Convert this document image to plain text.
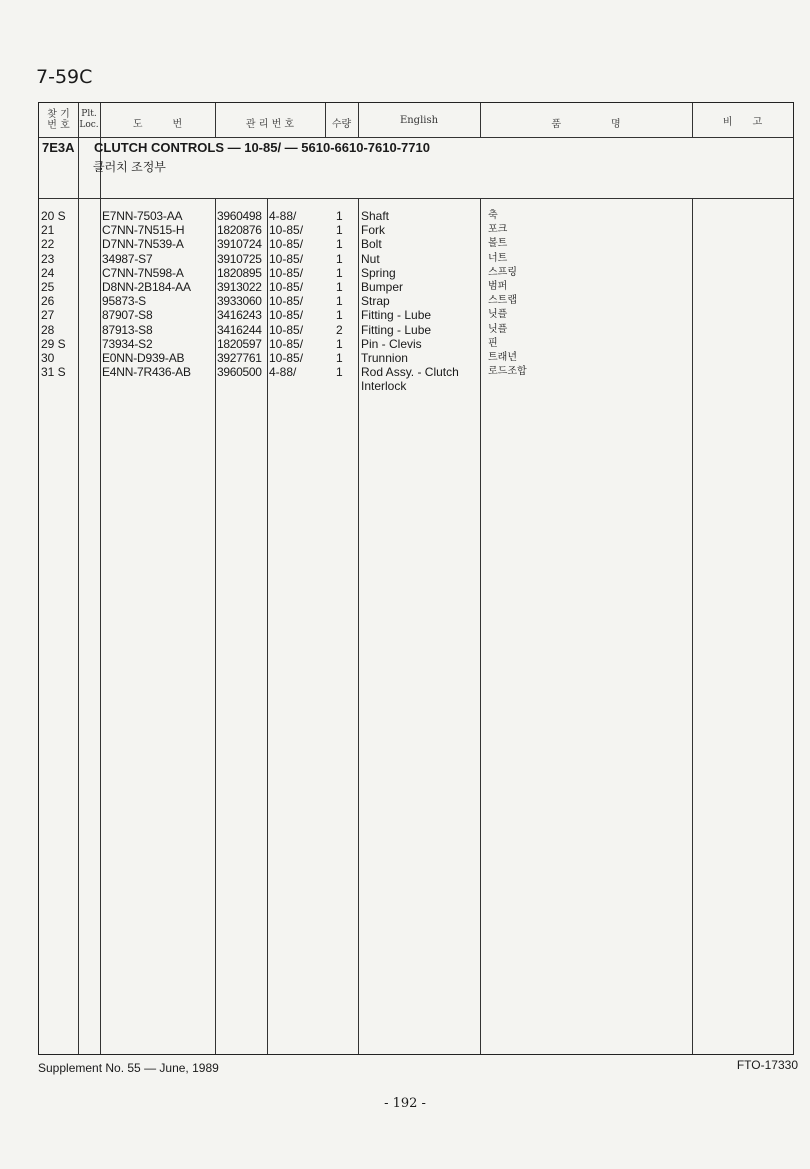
7-59C
찾 기
번 호
Plt.
Loc.	도　　　번	관 리 번 호	수량	English	품　　　　　명	비　　고
7E3A CLUTCH CONTROLS — 10-85/ — 5610-6610-7610-7710
클러치 조정부
20 S	E7NN-7503-AA	3960498 4-88/	1 Shaft	축
21	C7NN-7N515-H	1820876 10-85/	1 Fork	포크
22	D7NN-7N539-A	3910724 10-85/	1 Bolt	볼트
23	34987-S7	3910725 10-85/	1 Nut	너트
24	C7NN-7N598-A	1820895 10-85/	1 Spring	스프링
25	D8NN-2B184-AA 3913022 10-85/	1 Bumper	범퍼
26	95873-S	3933060 10-85/	1 Strap	스트랩
27	87907-S8	3416243 10-85/	1 Fitting - Lube	닛플
28	87913-S8	3416244 10-85/	2 Fitting - Lube	닛플
29 S	73934-S2	1820597 10-85/	1 Pin - Clevis	핀
30	E0NN-D939-AB	3927761 10-85/	1 Trunnion	트래년
31 S	E4NN-7R436-AB 3960500 4-88/	1 Rod Assy. - Clutch	로드조합
Interlock
Supplement No. 55 — June, 1989	FTO-17330
- 192 -
